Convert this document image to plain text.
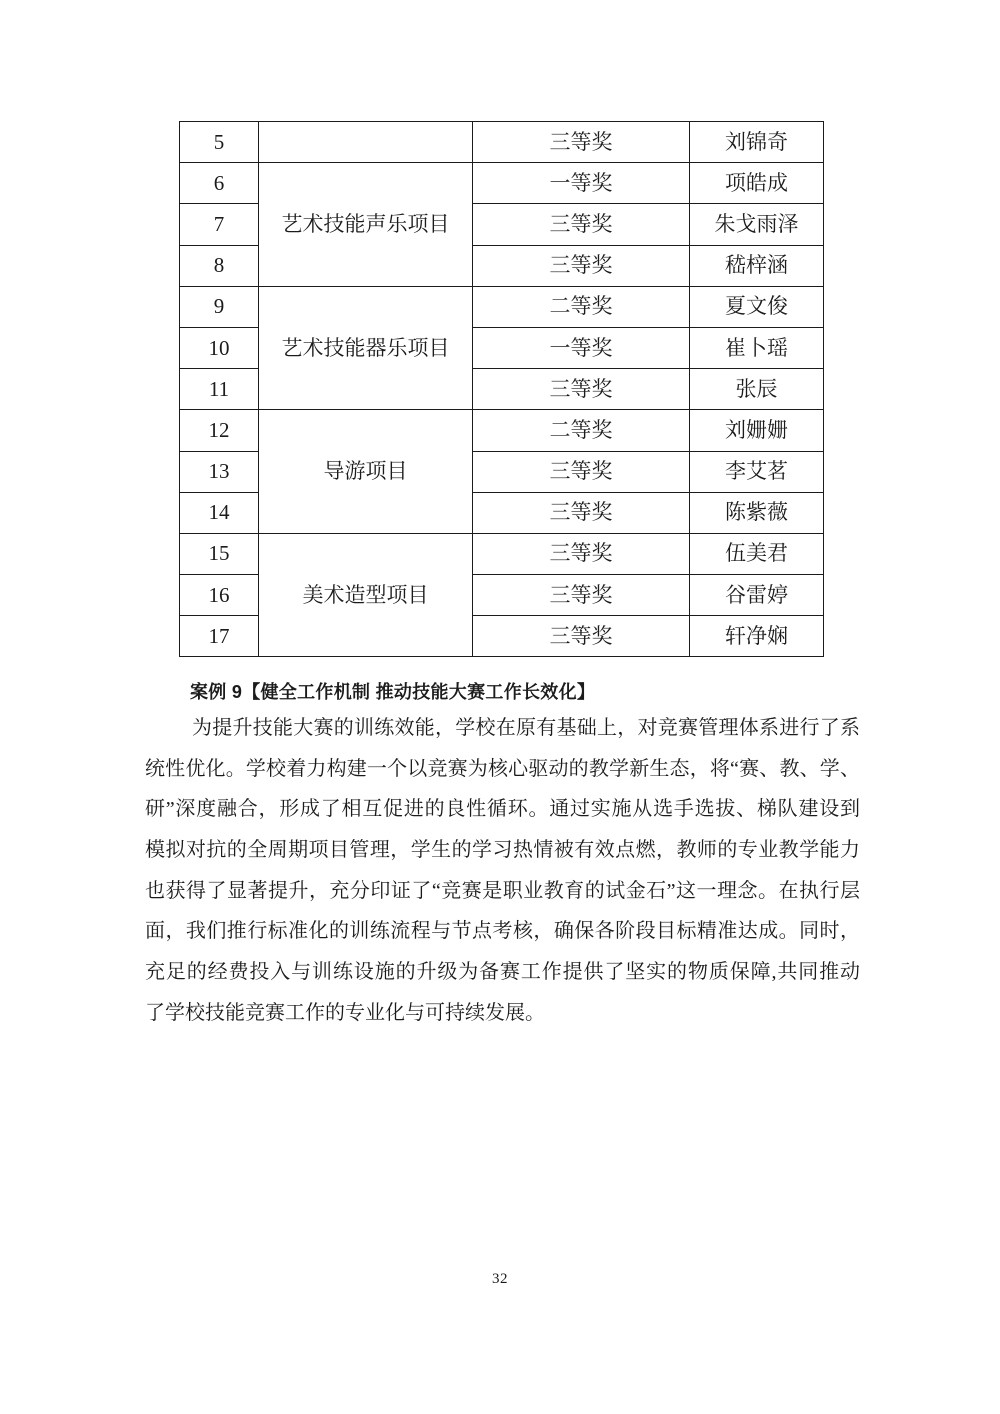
5		三等奖	刘锦奇
6	艺术技能声乐项目	一等奖	项皓成
7		三等奖	朱戈雨泽
8		三等奖	嵇梓涵
9	艺术技能器乐项目	二等奖	夏文俊
10		一等奖	崔卜瑶
11		三等奖	张辰
12	导游项目	二等奖	刘姗姗
13		三等奖	李艾茗
14		三等奖	陈紫薇
15	美术造型项目	三等奖	伍美君
16		三等奖	谷雷婷
17		三等奖	轩净娴
案例 9【健全工作机制 推动技能大赛工作长效化】
为提升技能大赛的训练效能，学校在原有基础上，对竞赛管理体系进行了系
统性优化。学校着力构建一个以竞赛为核心驱动的教学新生态，将“赛、教、学、
研”深度融合，形成了相互促进的良性循环。通过实施从选手选拔、梯队建设到
模拟对抗的全周期项目管理，学生的学习热情被有效点燃，教师的专业教学能力
也获得了显著提升，充分印证了“竞赛是职业教育的试金石”这一理念。在执行层
面，我们推行标准化的训练流程与节点考核，确保各阶段目标精准达成。同时，
充足的经费投入与训练设施的升级为备赛工作提供了坚实的物质保障,共同推动
了学校技能竞赛工作的专业化与可持续发展。
32
